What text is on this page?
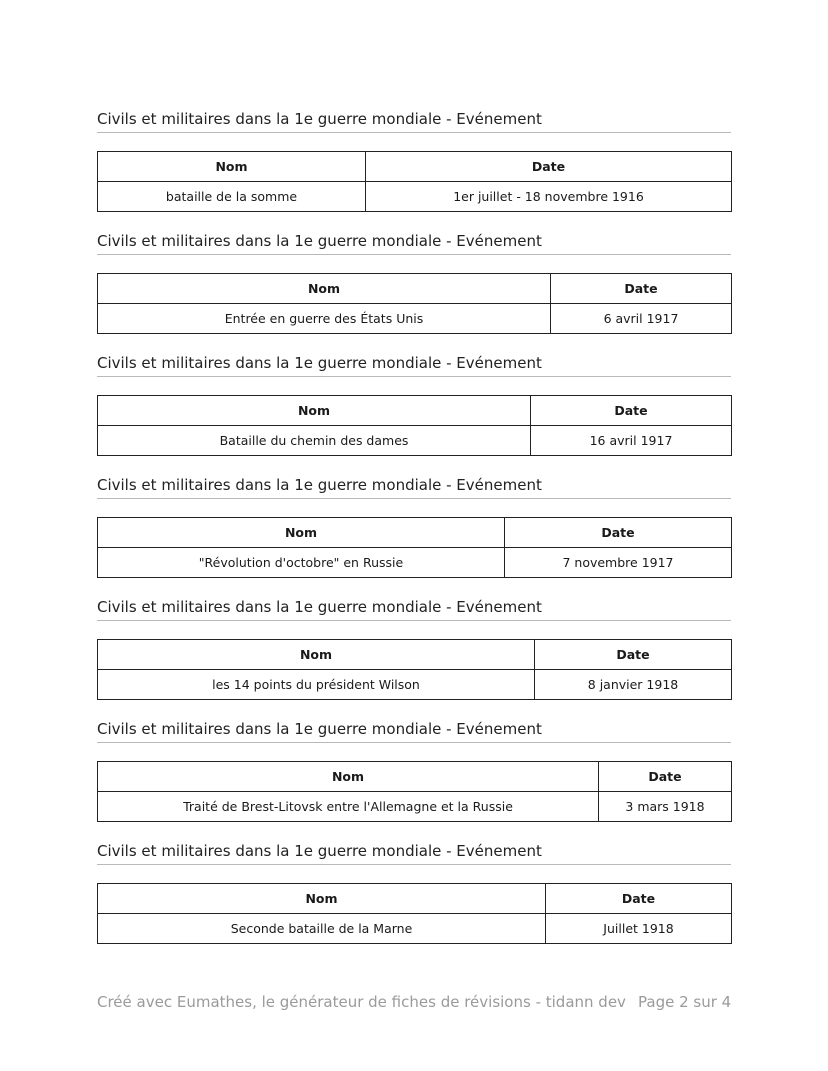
Civils et militaires dans la 1e guerre mondiale - Evénement
Nom	Date
bataille de la somme	1er juillet - 18 novembre 1916
Civils et militaires dans la 1e guerre mondiale - Evénement
Nom	Date
Entrée en guerre des États Unis	6 avril 1917
Civils et militaires dans la 1e guerre mondiale - Evénement
Nom	Date
Bataille du chemin des dames	16 avril 1917
Civils et militaires dans la 1e guerre mondiale - Evénement
Nom	Date
"Révolution d'octobre" en Russie	7 novembre 1917
Civils et militaires dans la 1e guerre mondiale - Evénement
Nom	Date
les 14 points du président Wilson	8 janvier 1918
Civils et militaires dans la 1e guerre mondiale - Evénement
Nom	Date
Traité de Brest-Litovsk entre l'Allemagne et la Russie	3 mars 1918
Civils et militaires dans la 1e guerre mondiale - Evénement
Nom	Date
Seconde bataille de la Marne	Juillet 1918
Créé avec Eumathes, le générateur de fiches de révisions - tidann dev Page 2 sur 4
